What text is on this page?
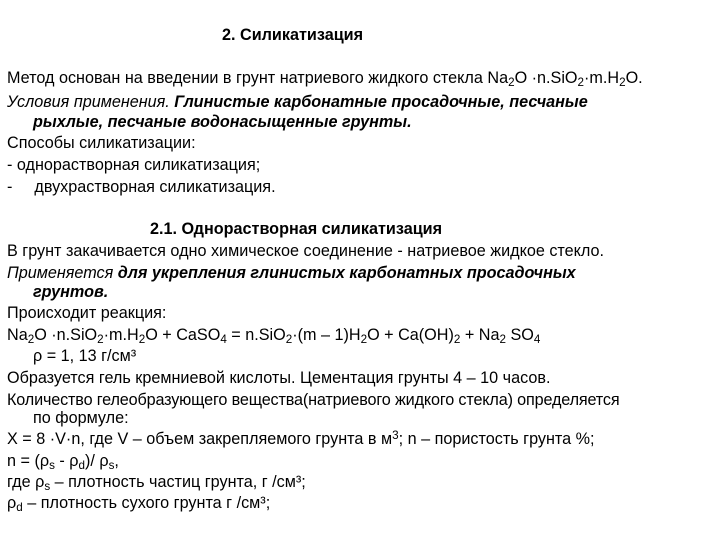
2. Силикатизация
Метод основан на введении в грунт натриевого жидкого стекла $Na_2O \cdot n.SiO_2\cdot m.H_2O$.
Условия применения. Глинистые карбонатные просадочные, песчаные
рыхлые, песчаные водонасыщенные грунты.
Способы силикатизации:
- однорастворная силикатизация;
- двухрастворная силикатизация.
2.1. Однорастворная силикатизация
В грунт закачивается одно химическое соединение - натриевое жидкое стекло.
Применяется для укрепления глинистых карбонатных просадочных
грунтов.
Происходит реакция:
$Na_2O \cdot n.SiO_2\cdot m.H_2O$ + CaSO$_4$ = $n.SiO_2\cdot(m - 1)H_2O + Ca(OH)_2 + Na_2$ $SO_4$
ρ = 1, 13 г/см³
Образуется гель кремниевой кислоты. Цементация грунты 4 – 10 часов.
Количество гелеобразующего вещества(натриевого жидкого стекла) определяется
по формуле:
X = 8 ·V·n, где V – объем закрепляемого грунта в $м^3$; n – пористость грунта %;
$n = (\rho_s - \rho_d)/$ $\rho_s$,
где $\rho_s$ – плотность частиц грунта, г /см³;
$\rho_d$ – плотность сухого грунта г /см³;
